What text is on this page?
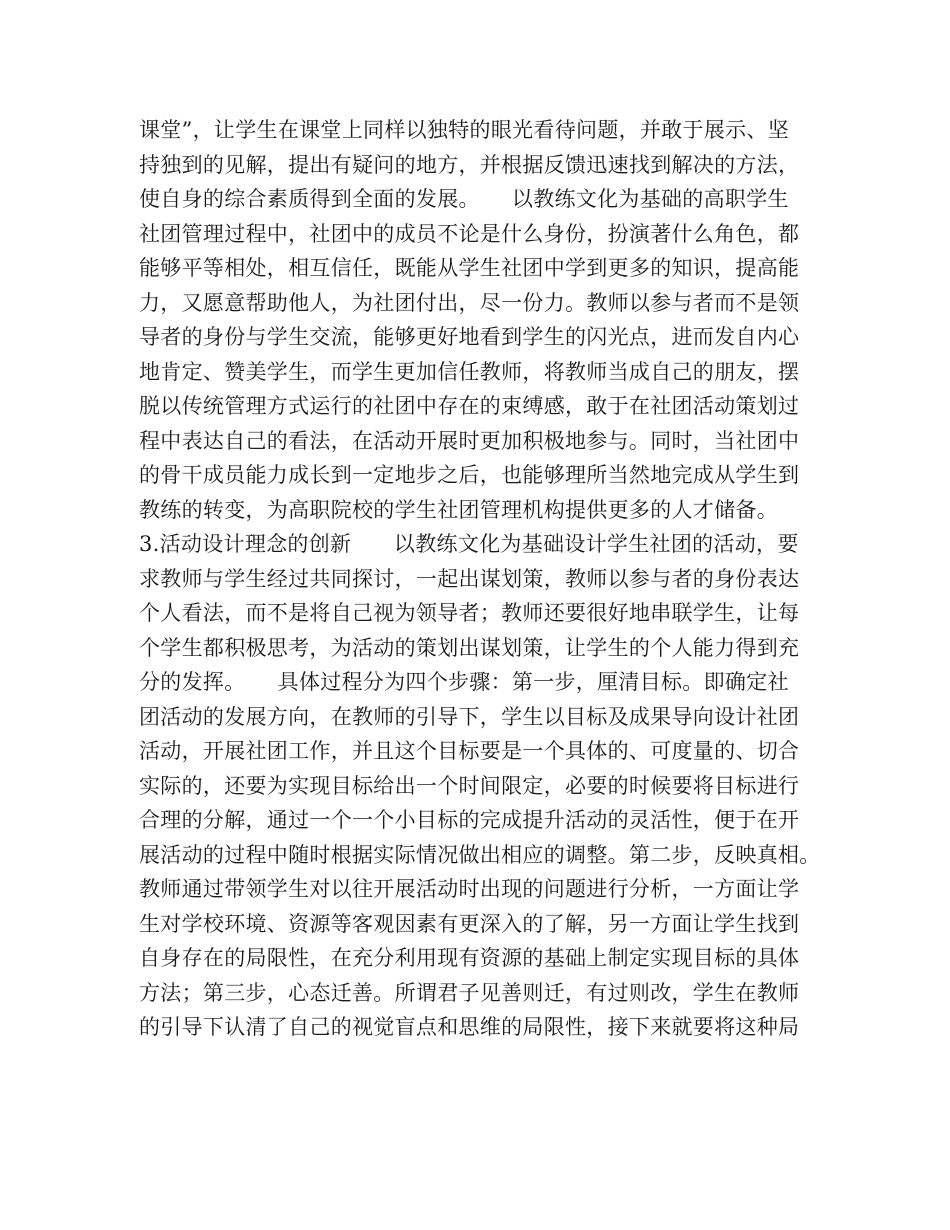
课堂”，让学生在课堂上同样以独特的眼光看待问题，并敢于展示、坚
持独到的见解，提出有疑问的地方，并根据反馈迅速找到解决的方法，
使自身的综合素质得到全面的发展。　　以教练文化为基础的高职学生
社团管理过程中，社团中的成员不论是什么身份，扮演著什么角色，都
能够平等相处，相互信任，既能从学生社团中学到更多的知识，提高能
力，又愿意帮助他人，为社团付出，尽一份力。教师以参与者而不是领
导者的身份与学生交流，能够更好地看到学生的闪光点，进而发自内心
地肯定、赞美学生，而学生更加信任教师，将教师当成自己的朋友，摆
脱以传统管理方式运行的社团中存在的束缚感，敢于在社团活动策划过
程中表达自己的看法，在活动开展时更加积极地参与。同时，当社团中
的骨干成员能力成长到一定地步之后，也能够理所当然地完成从学生到
教练的转变，为高职院校的学生社团管理机构提供更多的人才储备。
3.活动设计理念的创新　　以教练文化为基础设计学生社团的活动，要
求教师与学生经过共同探讨，一起出谋划策，教师以参与者的身份表达
个人看法，而不是将自己视为领导者；教师还要很好地串联学生，让每
个学生都积极思考，为活动的策划出谋划策，让学生的个人能力得到充
分的发挥。　　具体过程分为四个步骤：第一步，厘清目标。即确定社
团活动的发展方向，在教师的引导下，学生以目标及成果导向设计社团
活动，开展社团工作，并且这个目标要是一个具体的、可度量的、切合
实际的，还要为实现目标给出一个时间限定，必要的时候要将目标进行
合理的分解，通过一个一个小目标的完成提升活动的灵活性，便于在开
展活动的过程中随时根据实际情况做出相应的调整。第二步，反映真相。
教师通过带领学生对以往开展活动时出现的问题进行分析，一方面让学
生对学校环境、资源等客观因素有更深入的了解，另一方面让学生找到
自身存在的局限性，在充分利用现有资源的基础上制定实现目标的具体
方法；第三步，心态迁善。所谓君子见善则迁，有过则改，学生在教师
的引导下认清了自己的视觉盲点和思维的局限性，接下来就要将这种局
